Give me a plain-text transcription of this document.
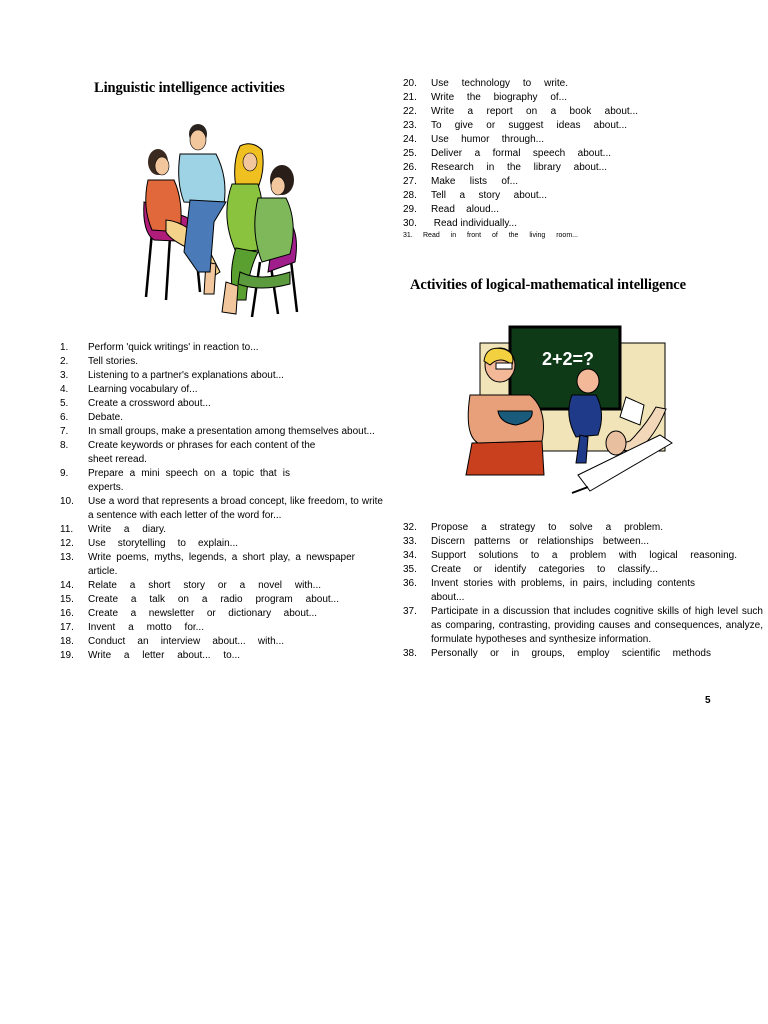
Linguistic intelligence activities
1. Perform 'quick writings' in reaction to...
2. Tell stories.
3. Listening to a partner's explanations about...
4. Learning vocabulary of...
5. Create a crossword about...
6. Debate.
7. In small groups, make a presentation among themselves about...
8. Create keywords or phrases for each content of the sheet reread.
9. Prepare a mini speech on a topic that is experts.
10. Use a word that represents a broad concept, like freedom, to write a sentence with each letter of the word for...
11. Write a diary.
12. Use storytelling to explain...
13. Write poems, myths, legends, a short play, a newspaper article.
14. Relate a short story or a novel with...
15. Create a talk on a radio program about...
16. Create a newsletter or dictionary about...
17. Invent a motto for...
18. Conduct an interview about... with...
19. Write a letter about... to...
20. Use technology to write.
21. Write the biography of...
22. Write a report on a book about...
23. To give or suggest ideas about...
24. Use humor through...
25. Deliver a formal speech about...
26. Research in the library about...
27. Make lists of...
28. Tell a story about...
29. Read aloud...
30. Read individually...
31. Read in front of the living room...
Activities of logical-mathematical intelligence
2+2=?
32. Propose a strategy to solve a problem.
33. Discern patterns or relationships between...
34. Support solutions to a problem with logical reasoning.
35. Create or identify categories to classify...
36. Invent stories with problems, in pairs, including contents about...
37. Participate in a discussion that includes cognitive skills of high level such as comparing, contrasting, providing causes and consequences, analyze, formulate hypotheses and synthesize information.
38. Personally or in groups, employ scientific methods
5
